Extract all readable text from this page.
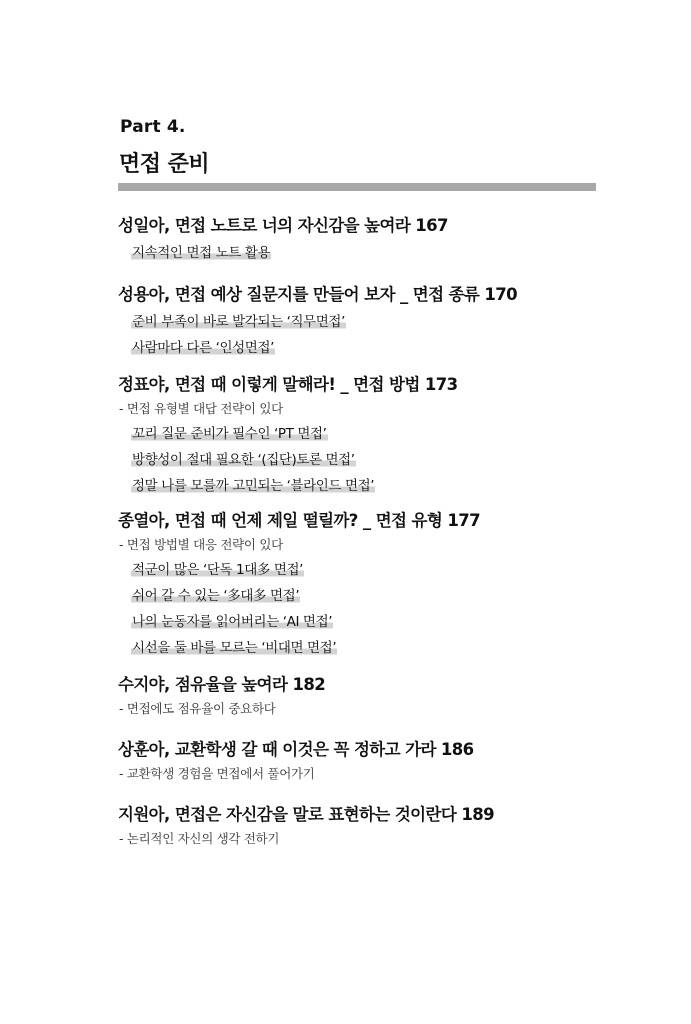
Part 4.
면접 준비
성일아, 면접 노트로 너의 자신감을 높여라 167
지속적인 면접 노트 활용
성용아, 면접 예상 질문지를 만들어 보자 _ 면접 종류 170
준비 부족이 바로 발각되는 ‘직무면접’
사람마다 다른 ‘인성면접’
정표야, 면접 때 이렇게 말해라! _ 면접 방법 173
- 면접 유형별 대답 전략이 있다
꼬리 질문 준비가 필수인 ‘PT 면접’
방향성이 절대 필요한 ‘(집단)토론 면접’
정말 나를 모를까 고민되는 ‘블라인드 면접’
종열아, 면접 때 언제 제일 떨릴까? _ 면접 유형 177
- 면접 방법별 대응 전략이 있다
적군이 많은 ‘단독 1대多 면접’
쉬어 갈 수 있는 ‘多대多 면접’
나의 눈동자를 읽어버리는 ‘AI 면접’
시선을 둘 바를 모르는 ‘비대면 면접’
수지야, 점유율을 높여라 182
- 면접에도 점유율이 중요하다
상훈아, 교환학생 갈 때 이것은 꼭 정하고 가라 186
- 교환학생 경험을 면접에서 풀어가기
지원아, 면접은 자신감을 말로 표현하는 것이란다 189
- 논리적인 자신의 생각 전하기
